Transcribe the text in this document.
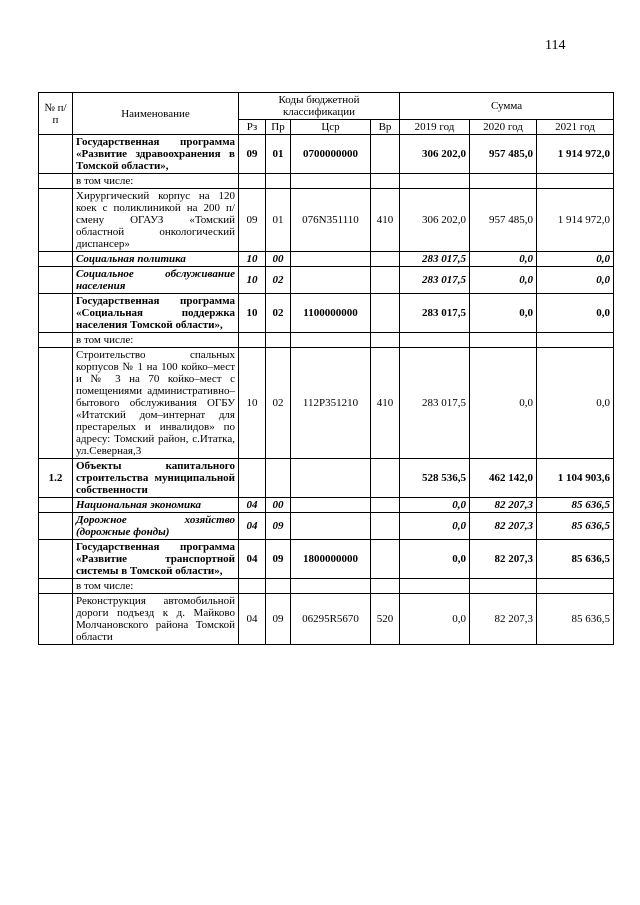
114
№ п/п	Наименование	Коды бюджетной классификации				Сумма		
		Рз	Пр	Цср	Вр	2019 год	2020 год	2021 год
	Государственная программа «Развитие здравоохранения в Томской области»,	09	01	0700000000		306 202,0	957 485,0	1 914 972,0
	в том числе:							
	Хирургический корпус на 120 коек с поликлиникой на 200 п/смену ОГАУЗ «Томский областной онкологический диспансер»	09	01	076N351110	410	306 202,0	957 485,0	1 914 972,0
	Социальная политика	10	00			283 017,5	0,0	0,0
	Социальное обслуживание населения	10	02			283 017,5	0,0	0,0
	Государственная программа «Социальная поддержка населения Томской области»,	10	02	1100000000		283 017,5	0,0	0,0
	в том числе:							
	Строительство спальных корпусов № 1 на 100 койко–мест и № 3 на 70 койко–мест с помещениями административно–бытового обслуживания ОГБУ «Итатский дом–интернат для престарелых и инвалидов» по адресу: Томский район, с.Итатка, ул.Северная,3	10	02	112P351210	410	283 017,5	0,0	0,0
1.2	Объекты капитального строительства муниципальной собственности					528 536,5	462 142,0	1 104 903,6
	Национальная экономика	04	00			0,0	82 207,3	85 636,5
	Дорожное хозяйство (дорожные фонды)	04	09			0,0	82 207,3	85 636,5
	Государственная программа «Развитие транспортной системы в Томской области»,	04	09	1800000000		0,0	82 207,3	85 636,5
	в том числе:							
	Реконструкция автомобильной дороги подъезд к д. Майково Молчановского района Томской области	04	09	06295R5670	520	0,0	82 207,3	85 636,5
